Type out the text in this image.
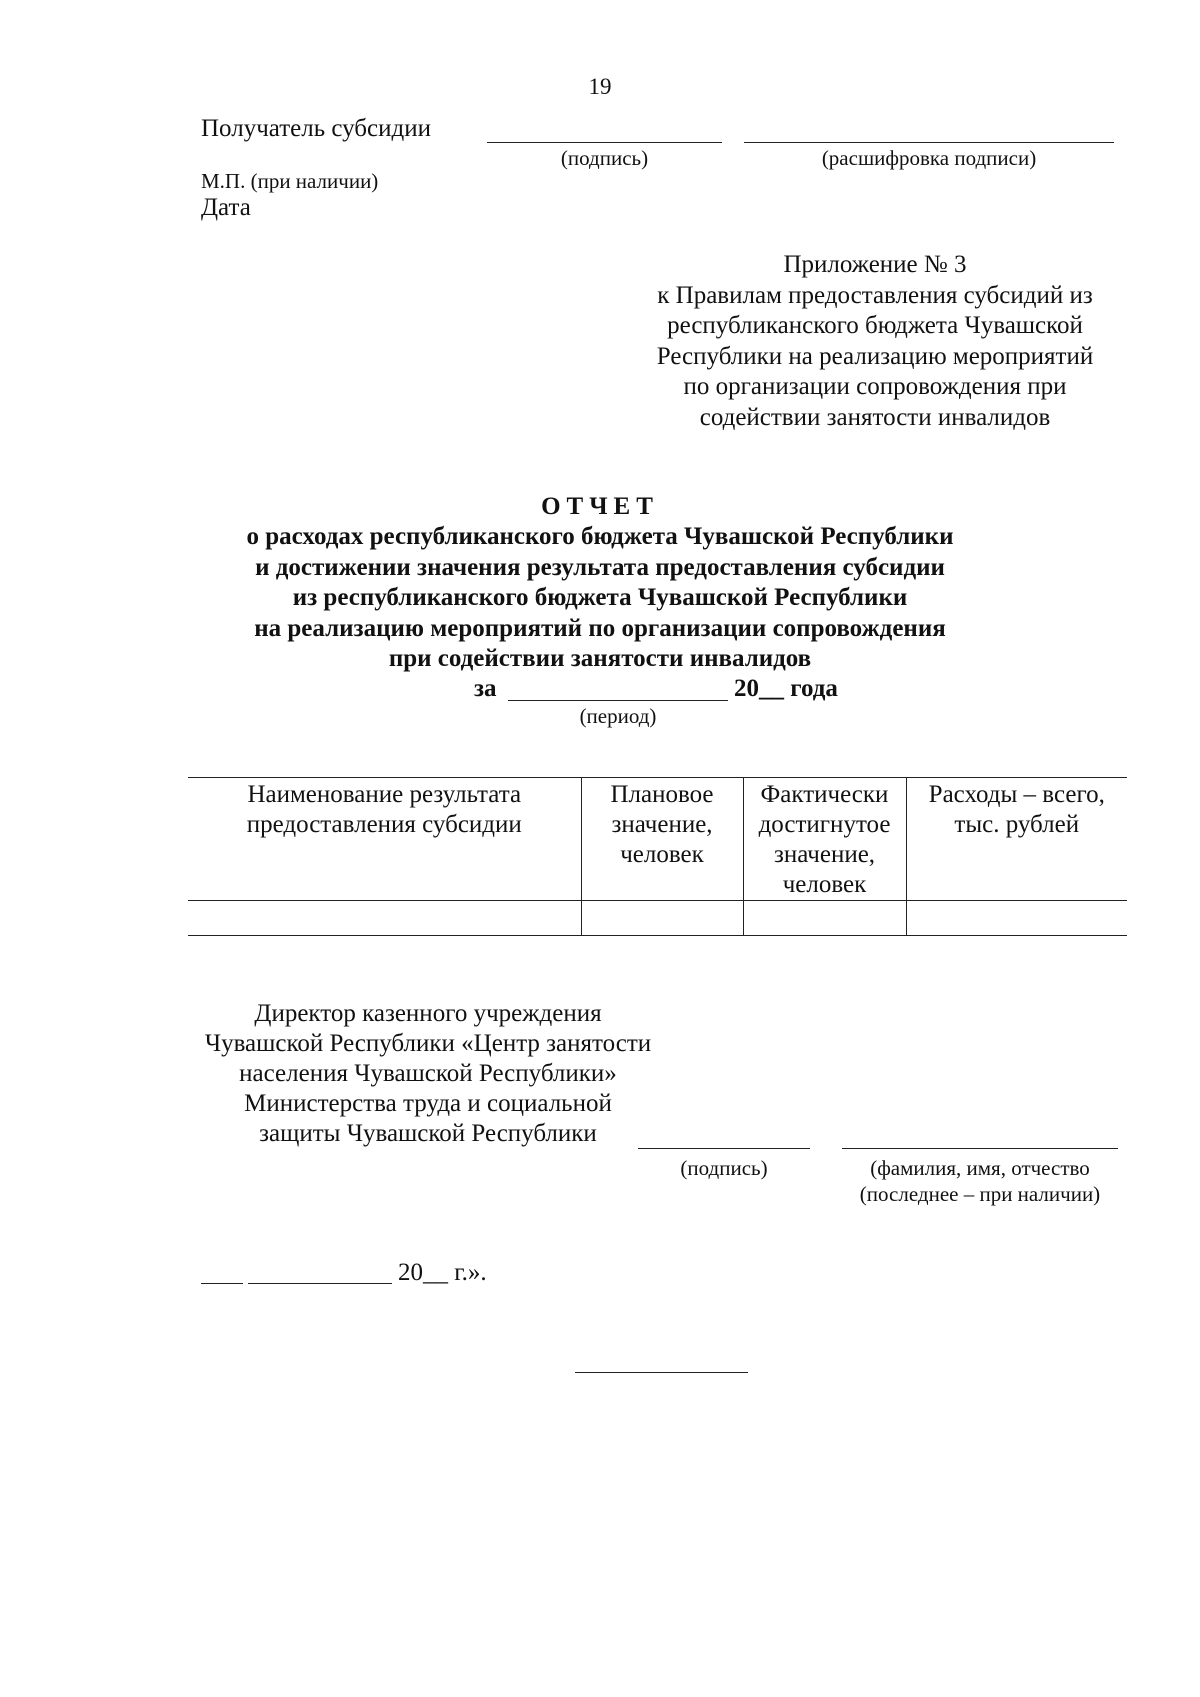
19
Получатель субсидии
(подпись)	(расшифровка подписи)
М.П. (при наличии)
Дата
Приложение № 3
к Правилам предоставления субсидий из
республиканского бюджета Чувашской
Республики на реализацию мероприятий
по организации сопровождения при
содействии занятости инвалидов
ОТЧЕТ
о расходах республиканского бюджета Чувашской Республики
и достижении значения результата предоставления субсидии
из республиканского бюджета Чувашской Республики
на реализацию мероприятий по организации сопровождения
при содействии занятости инвалидов
за	20__ года
(период)
Наименование результата предоставления субсидии	Плановое значение, человек	Фактически достигнутое значение, человек	Расходы – всего, тыс. рублей

Директор казенного учреждения
Чувашской Республики «Центр занятости
населения Чувашской Республики»
Министерства труда и социальной
защиты Чувашской Республики
(подпись)	(фамилия, имя, отчество
(последнее – при наличии)
20__ г.».
